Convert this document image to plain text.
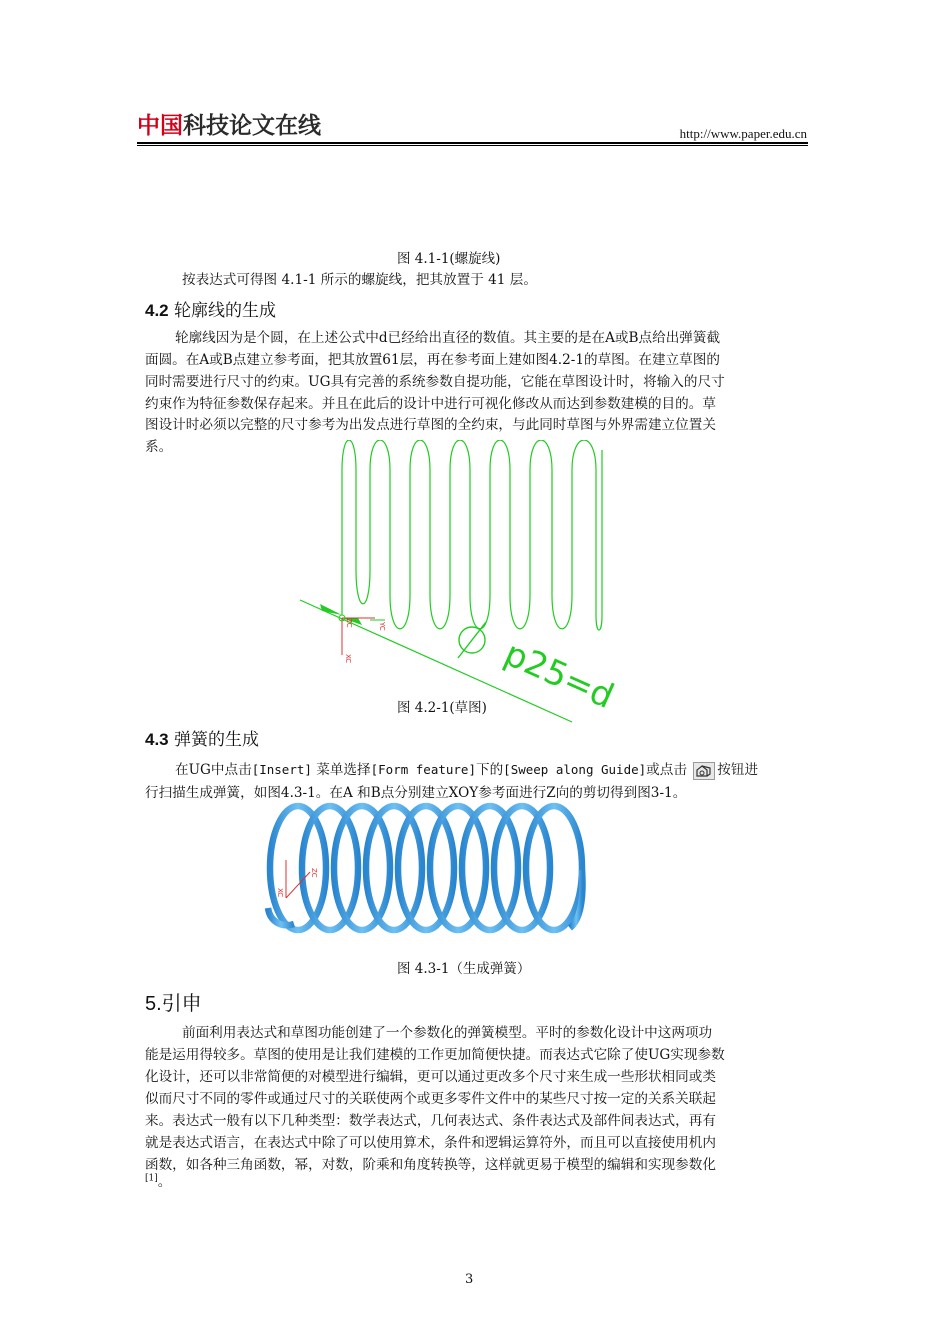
中国科技论文在线	http://www.paper.edu.cn
图 4.1-1(螺旋线)
按表达式可得图 4.1-1 所示的螺旋线，把其放置于 41 层。
4.2 轮廓线的生成
轮廓线因为是个圆，在上述公式中d已经给出直径的数值。其主要的是在A或B点给出弹簧截
面圆。在A或B点建立参考面，把其放置61层，再在参考面上建如图4.2-1的草图。在建立草图的
同时需要进行尺寸的约束。UG具有完善的系统参数自提功能，它能在草图设计时，将输入的尺寸
约束作为特征参数保存起来。并且在此后的设计中进行可视化修改从而达到参数建模的目的。草
图设计时必须以完整的尺寸参考为出发点进行草图的全约束，与此同时草图与外界需建立位置关
系。
p25=d
YC
XC
ZC
图 4.2-1(草图)
4.3 弹簧的生成
在UG中点击[Insert] 菜单选择[Form feature]下的[Sweep along Guide]或点击 按钮进
行扫描生成弹簧，如图4.3-1。在A 和B点分别建立XOY参考面进行Z向的剪切得到图3-1。
ZC
XC
图 4.3-1（生成弹簧）
5.引申
前面利用表达式和草图功能创建了一个参数化的弹簧模型。平时的参数化设计中这两项功
能是运用得较多。草图的使用是让我们建模的工作更加简便快捷。而表达式它除了使UG实现参数
化设计，还可以非常简便的对模型进行编辑，更可以通过更改多个尺寸来生成一些形状相同或类
似而尺寸不同的零件或通过尺寸的关联使两个或更多零件文件中的某些尺寸按一定的关系关联起
来。表达式一般有以下几种类型：数学表达式，几何表达式、条件表达式及部件间表达式，再有
就是表达式语言，在表达式中除了可以使用算术，条件和逻辑运算符外，而且可以直接使用机内
函数，如各种三角函数，幂，对数，阶乘和角度转换等，这样就更易于模型的编辑和实现参数化
[1]。
3
